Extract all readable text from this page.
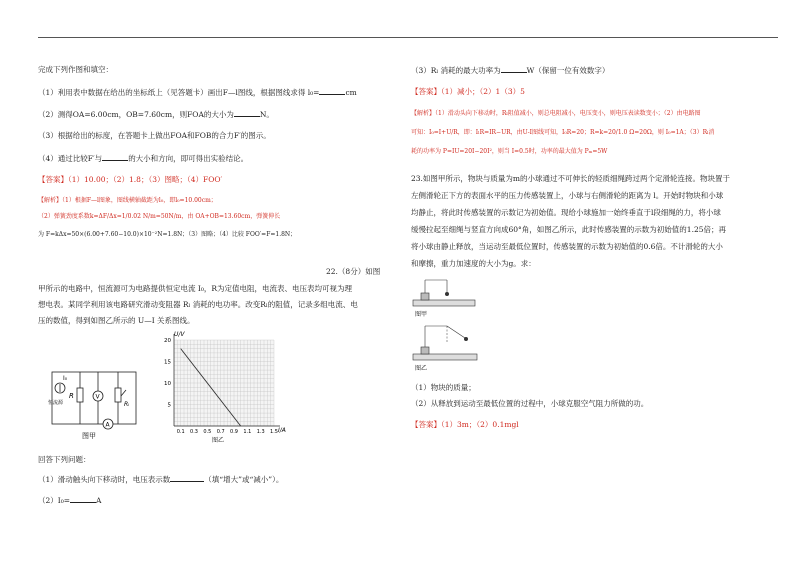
完成下列作图和填空：
（1）利用表中数据在给出的坐标纸上（见答题卡）画出F—l图线，根据图线求得 l₀=	cm
（2）测得OA=6.00cm，OB=7.60cm，则FOA的大小为	N。
（3）根据给出的标度，在答题卡上做出FOA和FOB的合力F′的图示。
（4）通过比较F′与	的大小和方向，即可得出实验结论。
【答案】（1）10.00；（2）1.8；（3）图略；（4）FOO′
【解析】（1）根据F—l图象，图线横轴截距为l₀，即l₀=10.00cm；
（2）弹簧劲度系数k=ΔF/Δx=1/0.02 N/m=50N/m，由 OA+OB=13.60cm，弹簧伸长
为 F=kΔx=50×(6.00+7.60−10.0)×10⁻²N=1.8N；（3）图略；（4）比较 FOO′=F=1.8N；
22.（8分）如图
甲所示的电路中，恒流源可为电路提供恒定电流 I₀，R为定值电阻，电流表、电压表均可视为理
想电表。某同学利用该电路研究滑动变阻器 Rₗ 消耗的电功率。改变Rₗ的阻值，记录多组电流、电
压的数值，得到如图乙所示的 U—I 关系图线。
I₀
恒流源
R	V
Rₗ
A
图甲
20
15
10
5
0.1 0.3 0.5 0.7 0.9 1.1 1.3 1.5
U/V
I/A
图乙
回答下列问题：
（1）滑动触头向下移动时，电压表示数	（填“增大”或“减小”）。
（2）I₀=	A
（3）Rₗ 消耗的最大功率为	W（保留一位有效数字）
【答案】（1）减小；（2）1（3）5
【解析】（1）滑动头向下移动时，Rₗ阻值减小，则总电阻减小，电压变小，则电压表读数变小；（2）由电路图
可知：I₀=I+U/R，即：IₗR=IR−UR，由U-I图线可知，I₀R=20；R=k=20/1.0 Ω=20Ω，则 I₀=1A；（3）Rₗ消
耗的功率为 P=IU=20I−20I²，则当 I=0.5时，功率的最大值为 Pₘ=5W
23.如图甲所示，物块与质量为m的小球通过不可伸长的轻质细绳跨过两个定滑轮连接。物块置于
左侧滑轮正下方的表面水平的压力传感装置上，小球与右侧滑轮的距离为 l。开始时物块和小球
均静止，将此时传感装置的示数记为初始值。现给小球施加一始终垂直于l段细绳的力，将小球
缓慢拉起至细绳与竖直方向成60°角，如图乙所示，此时传感装置的示数为初始值的1.25倍；再
将小球由静止释放，当运动至最低位置时，传感装置的示数为初始值的0.6倍。不计滑轮的大小
和摩擦，重力加速度的大小为g。求：
图甲
图乙
（1）物块的质量；
（2）从释放到运动至最低位置的过程中，小球克服空气阻力所做的功。
【答案】（1）3m；（2）0.1mgl
